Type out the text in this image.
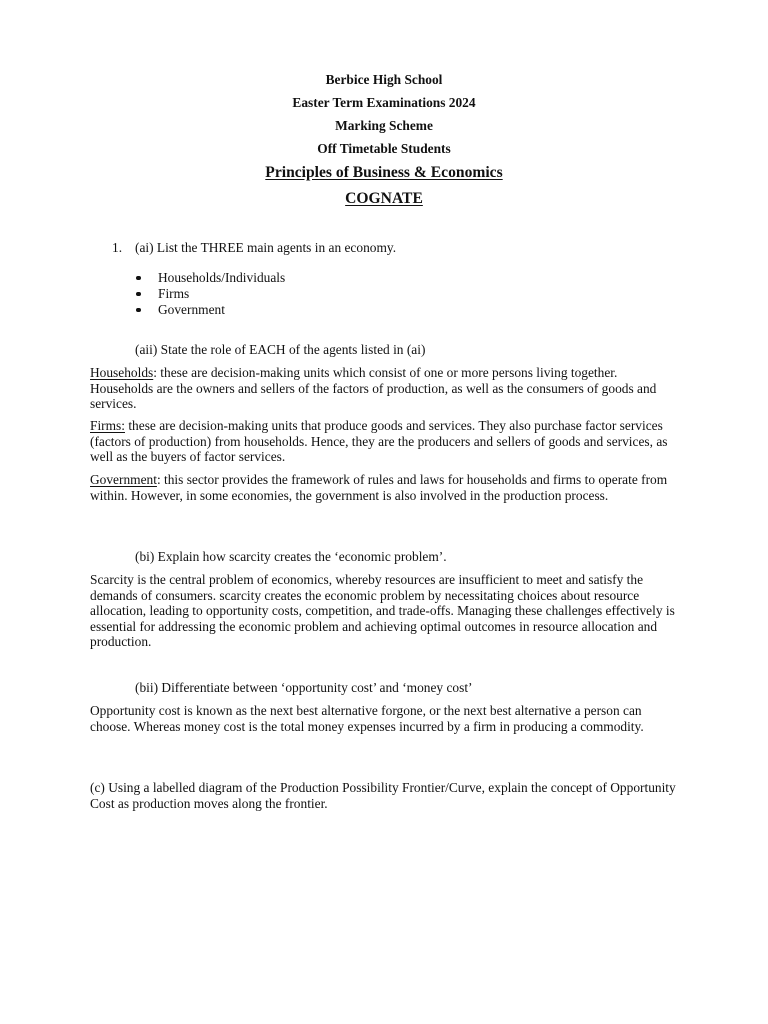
Berbice High School
Easter Term Examinations 2024
Marking Scheme
Off Timetable Students
Principles of Business & Economics
COGNATE
1. (ai) List the THREE main agents in an economy.
Households/Individuals
Firms
Government
(aii) State the role of EACH of the agents listed in (ai)
Households: these are decision-making units which consist of one or more persons living together. Households are the owners and sellers of the factors of production, as well as the consumers of goods and services.
Firms: these are decision-making units that produce goods and services. They also purchase factor services (factors of production) from households. Hence, they are the producers and sellers of goods and services, as well as the buyers of factor services.
Government: this sector provides the framework of rules and laws for households and firms to operate from within. However, in some economies, the government is also involved in the production process.
(bi) Explain how scarcity creates the ‘economic problem’.
Scarcity is the central problem of economics, whereby resources are insufficient to meet and satisfy the demands of consumers. scarcity creates the economic problem by necessitating choices about resource allocation, leading to opportunity costs, competition, and trade-offs. Managing these challenges effectively is essential for addressing the economic problem and achieving optimal outcomes in resource allocation and production.
(bii) Differentiate between ‘opportunity cost’ and ‘money cost’
Opportunity cost is known as the next best alternative forgone, or the next best alternative a person can choose. Whereas money cost is the total money expenses incurred by a firm in producing a commodity.
(c) Using a labelled diagram of the Production Possibility Frontier/Curve, explain the concept of Opportunity Cost as production moves along the frontier.
